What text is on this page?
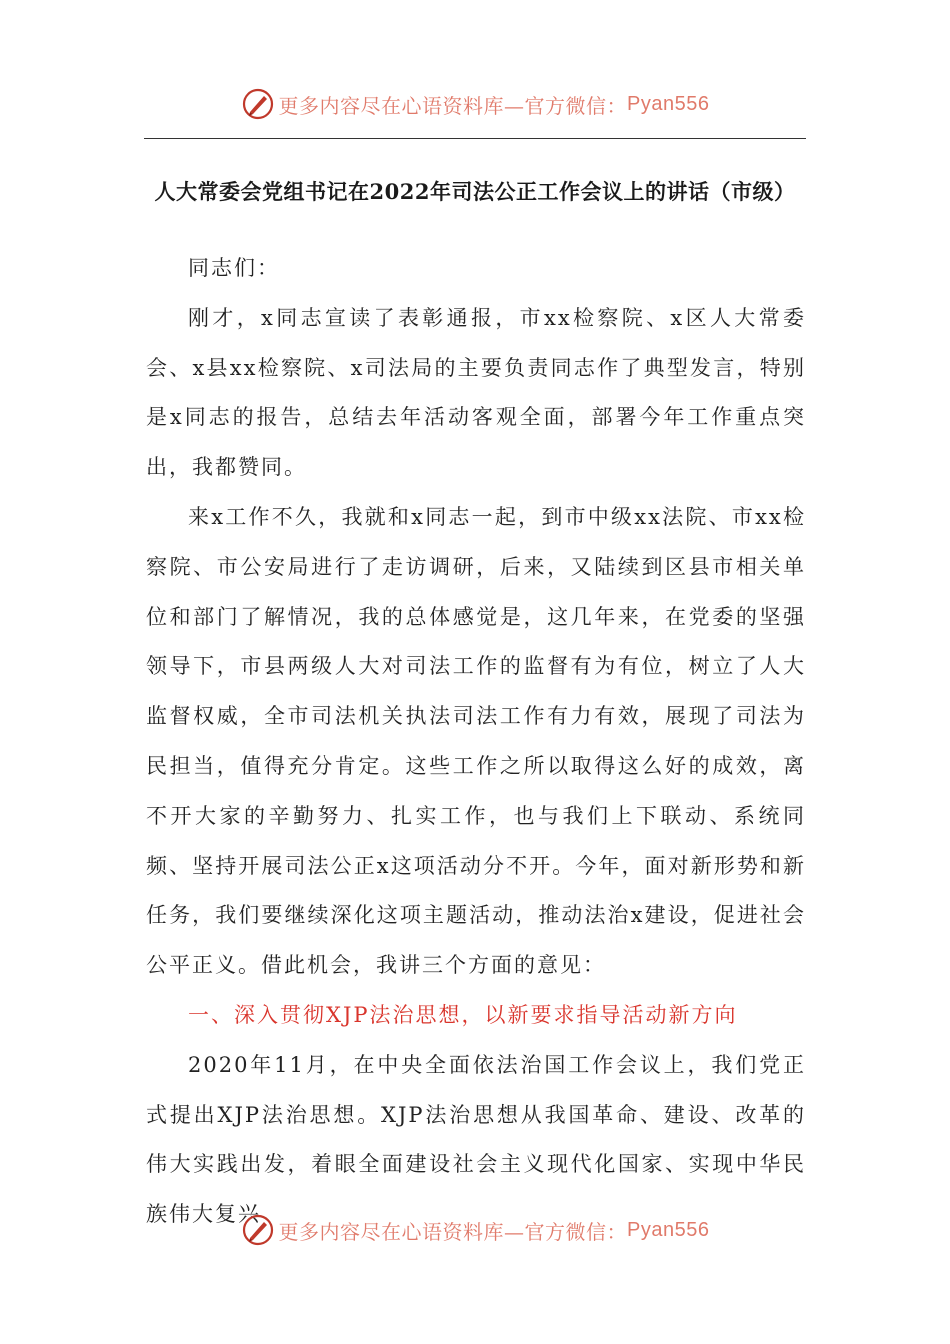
更多内容尽在心语资料库—官方微信： Pyan556
人大常委会党组书记在2022年司法公正工作会议上的讲话（市级）

同志们：

刚才，x同志宣读了表彰通报，市xx检察院、x区人大常委会、x县xx检察院、x司法局的主要负责同志作了典型发言，特别是x同志的报告，总结去年活动客观全面，部署今年工作重点突出，我都赞同。

来x工作不久，我就和x同志一起，到市中级xx法院、市xx检察院、市公安局进行了走访调研，后来，又陆续到区县市相关单位和部门了解情况，我的总体感觉是，这几年来，在党委的坚强领导下，市县两级人大对司法工作的监督有为有位，树立了人大监督权威，全市司法机关执法司法工作有力有效，展现了司法为民担当，值得充分肯定。这些工作之所以取得这么好的成效，离不开大家的辛勤努力、扎实工作，也与我们上下联动、系统同频、坚持开展司法公正x这项活动分不开。今年，面对新形势和新任务，我们要继续深化这项主题活动，推动法治x建设，促进社会公平正义。借此机会，我讲三个方面的意见：

一、深入贯彻XJP法治思想，以新要求指导活动新方向

2020年11月，在中央全面依法治国工作会议上，我们党正式提出XJP法治思想。XJP法治思想从我国革命、建设、改革的伟大实践出发，着眼全面建设社会主义现代化国家、实现中华民族伟大复兴

更多内容尽在心语资料库—官方微信： Pyan556
